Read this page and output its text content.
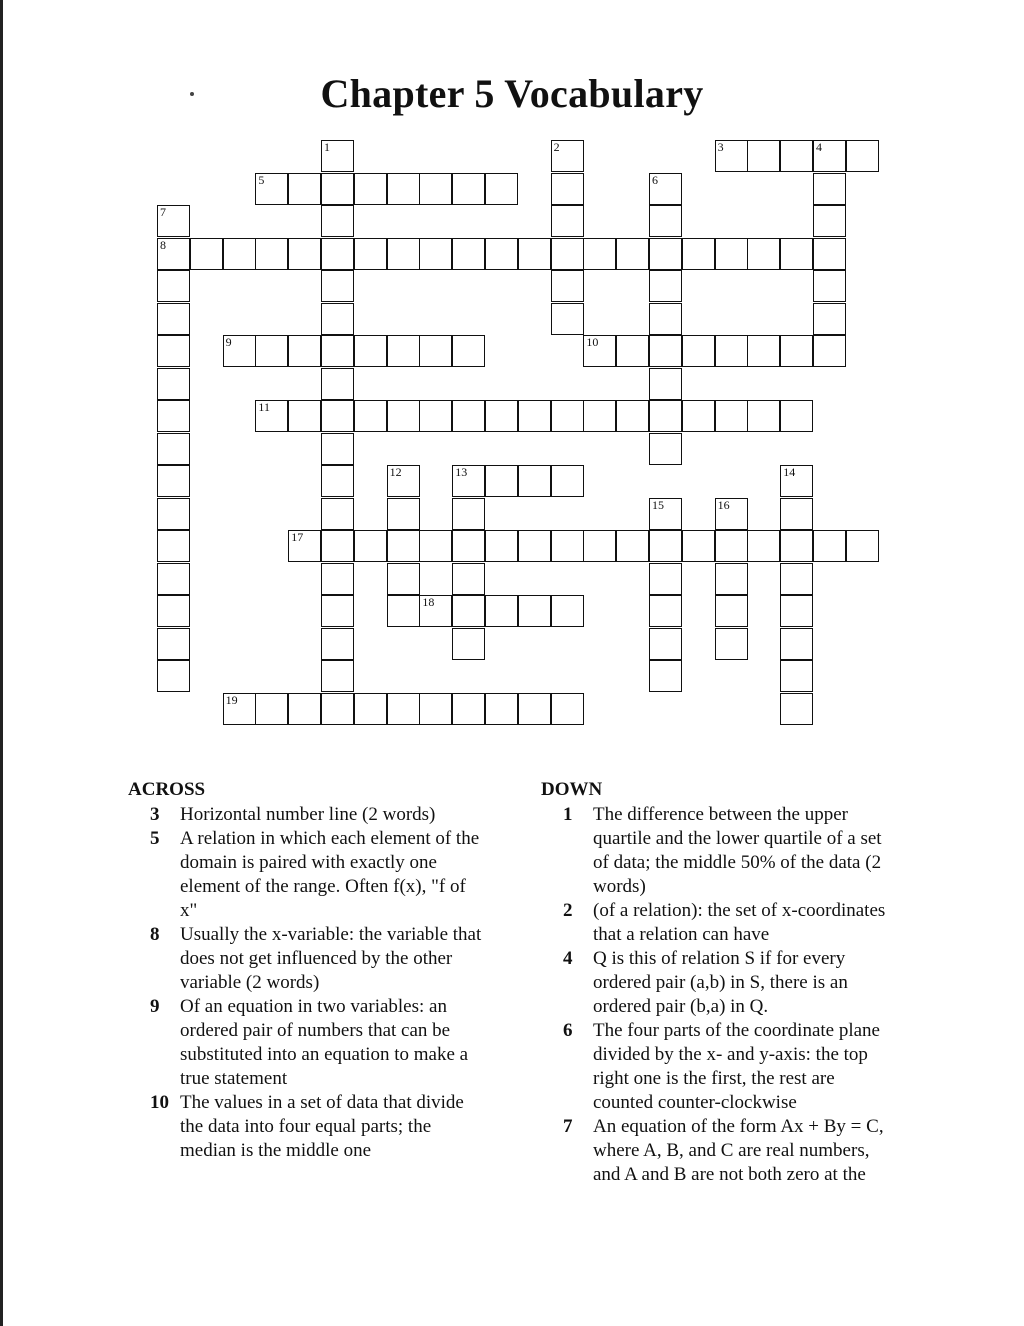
Chapter 5 Vocabulary
1	2	3	4
5	6
7
8
9	10
11
12	13	14
15	16
17
18
19
ACROSS
3	Horizontal number line (2 words)
5	A relation in which each element of the
domain is paired with exactly one
element of the range. Often f(x), "f of
x"
8	Usually the x-variable: the variable that
does not get influenced by the other
variable (2 words)
9	Of an equation in two variables: an
ordered pair of numbers that can be
substituted into an equation to make a
true statement
10 The values in a set of data that divide
the data into four equal parts; the
median is the middle one
DOWN
1	The difference between the upper
quartile and the lower quartile of a set
of data; the middle 50% of the data (2
words)
2	(of a relation): the set of x-coordinates
that a relation can have
4	Q is this of relation S if for every
ordered pair (a,b) in S, there is an
ordered pair (b,a) in Q.
6	The four parts of the coordinate plane
divided by the x- and y-axis: the top
right one is the first, the rest are
counted counter-clockwise
7	An equation of the form Ax + By = C,
where A, B, and C are real numbers,
and A and B are not both zero at the
